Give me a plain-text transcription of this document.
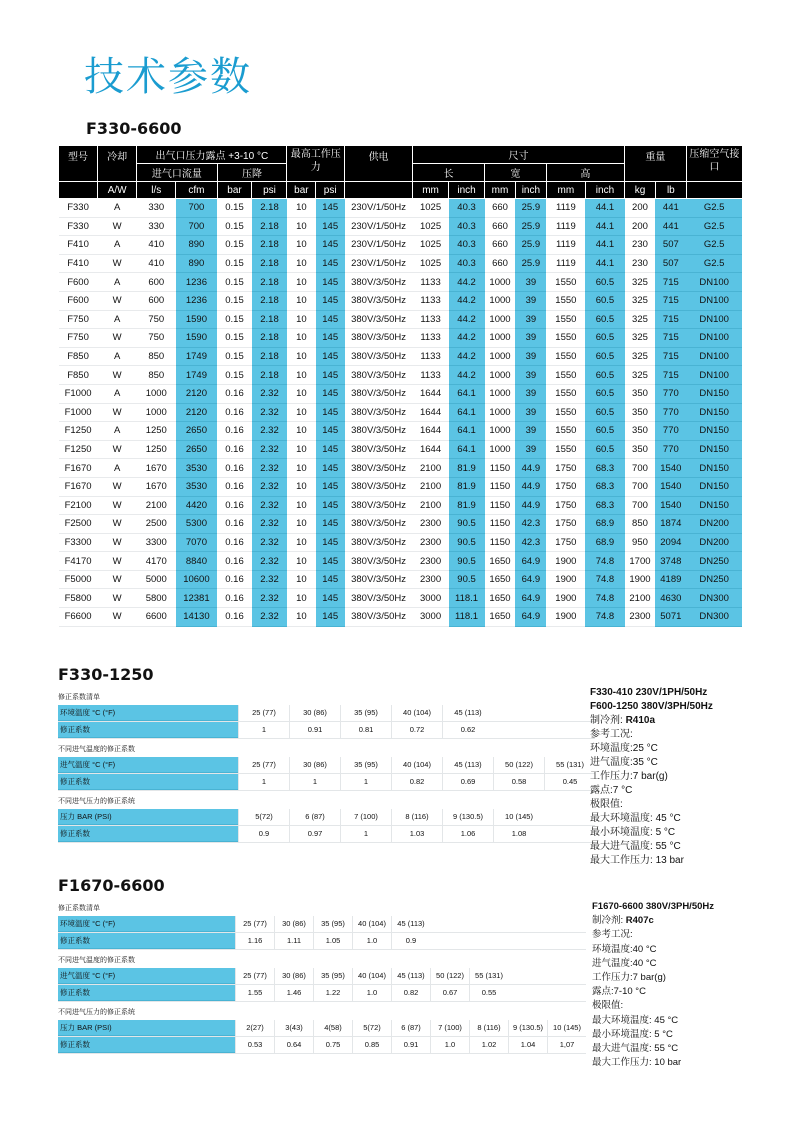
技术参数
F330-6600
型号	冷却	出气口压力露点 +3-10 °C				最高工作压力		供电	尺寸						重量		压缩空气接口
		进气口流量		压降					长		宽		高				
	A/W	l/s	cfm	bar	psi	bar	psi		mm	inch	mm	inch	mm	inch	kg	lb	
F330	A	330	700	0.15	2.18	10	145	230V/1/50Hz	1025	40.3	660	25.9	1119	44.1	200	441	G2.5
F330	W	330	700	0.15	2.18	10	145	230V/1/50Hz	1025	40.3	660	25.9	1119	44.1	200	441	G2.5
F410	A	410	890	0.15	2.18	10	145	230V/1/50Hz	1025	40.3	660	25.9	1119	44.1	230	507	G2.5
F410	W	410	890	0.15	2.18	10	145	230V/1/50Hz	1025	40.3	660	25.9	1119	44.1	230	507	G2.5
F600	A	600	1236	0.15	2.18	10	145	380V/3/50Hz	1133	44.2	1000	39	1550	60.5	325	715	DN100
F600	W	600	1236	0.15	2.18	10	145	380V/3/50Hz	1133	44.2	1000	39	1550	60.5	325	715	DN100
F750	A	750	1590	0.15	2.18	10	145	380V/3/50Hz	1133	44.2	1000	39	1550	60.5	325	715	DN100
F750	W	750	1590	0.15	2.18	10	145	380V/3/50Hz	1133	44.2	1000	39	1550	60.5	325	715	DN100
F850	A	850	1749	0.15	2.18	10	145	380V/3/50Hz	1133	44.2	1000	39	1550	60.5	325	715	DN100
F850	W	850	1749	0.15	2.18	10	145	380V/3/50Hz	1133	44.2	1000	39	1550	60.5	325	715	DN100
F1000	A	1000	2120	0.16	2.32	10	145	380V/3/50Hz	1644	64.1	1000	39	1550	60.5	350	770	DN150
F1000	W	1000	2120	0.16	2.32	10	145	380V/3/50Hz	1644	64.1	1000	39	1550	60.5	350	770	DN150
F1250	A	1250	2650	0.16	2.32	10	145	380V/3/50Hz	1644	64.1	1000	39	1550	60.5	350	770	DN150
F1250	W	1250	2650	0.16	2.32	10	145	380V/3/50Hz	1644	64.1	1000	39	1550	60.5	350	770	DN150
F1670	A	1670	3530	0.16	2.32	10	145	380V/3/50Hz	2100	81.9	1150	44.9	1750	68.3	700	1540	DN150
F1670	W	1670	3530	0.16	2.32	10	145	380V/3/50Hz	2100	81.9	1150	44.9	1750	68.3	700	1540	DN150
F2100	W	2100	4420	0.16	2.32	10	145	380V/3/50Hz	2100	81.9	1150	44.9	1750	68.3	700	1540	DN150
F2500	W	2500	5300	0.16	2.32	10	145	380V/3/50Hz	2300	90.5	1150	42.3	1750	68.9	850	1874	DN200
F3300	W	3300	7070	0.16	2.32	10	145	380V/3/50Hz	2300	90.5	1150	42.3	1750	68.9	950	2094	DN200
F4170	W	4170	8840	0.16	2.32	10	145	380V/3/50Hz	2300	90.5	1650	64.9	1900	74.8	1700	3748	DN250
F5000	W	5000	10600	0.16	2.32	10	145	380V/3/50Hz	2300	90.5	1650	64.9	1900	74.8	1900	4189	DN250
F5800	W	5800	12381	0.16	2.32	10	145	380V/3/50Hz	3000	118.1	1650	64.9	1900	74.8	2100	4630	DN300
F6600	W	6600	14130	0.16	2.32	10	145	380V/3/50Hz	3000	118.1	1650	64.9	1900	74.8	2300	5071	DN300
F330-1250
修正系数清单
环境温度 °C (°F)	25 (77)	30 (86)	35 (95)	40 (104)	45 (113)
修正系数	1	0.91	0.81	0.72	0.62
不同进气温度的修正系数
进气温度 °C (°F)	25 (77)	30 (86)	35 (95)	40 (104)	45 (113)	50 (122)	55 (131)
修正系数	1	1	1	0.82	0.69	0.58	0.45
不同进气压力的修正系统
压力 BAR (PSI)	5(72)	6 (87)	7 (100)	8 (116)	9 (130.5)	10 (145)
修正系数	0.9	0.97	1	1.03	1.06	1.08
F330-410 230V/1PH/50Hz
F600-1250 380V/3PH/50Hz
制冷剂: R410a
参考工况:
环境温度:25 °C
进气温度:35 °C
工作压力:7 bar(g)
露点:7 °C
极限值:
最大环境温度: 45 °C
最小环境温度: 5 °C
最大进气温度: 55 °C
最大工作压力: 13 bar
F1670-6600
修正系数清单
环境温度 °C (°F)	25 (77)	30 (86)	35 (95)	40 (104)	45 (113)
修正系数	1.16	1.11	1.05	1.0	0.9
不同进气温度的修正系数
进气温度 °C (°F)	25 (77)	30 (86)	35 (95)	40 (104)	45 (113)	50 (122)	55 (131)
修正系数	1.55	1.46	1.22	1.0	0.82	0.67	0.55
不同进气压力的修正系统
压力 BAR (PSI)	2(27)	3(43)	4(58)	5(72)	6 (87)	7 (100)	8 (116)	9 (130.5)	10 (145)
修正系数	0.53	0.64	0.75	0.85	0.91	1.0	1.02	1.04	1,07
F1670-6600 380V/3PH/50Hz
制冷剂: R407c
参考工况:
环境温度:40 °C
进气温度:40 °C
工作压力:7 bar(g)
露点:7-10 °C
极限值:
最大环境温度: 45 °C
最小环境温度: 5 °C
最大进气温度: 55 °C
最大工作压力: 10 bar
